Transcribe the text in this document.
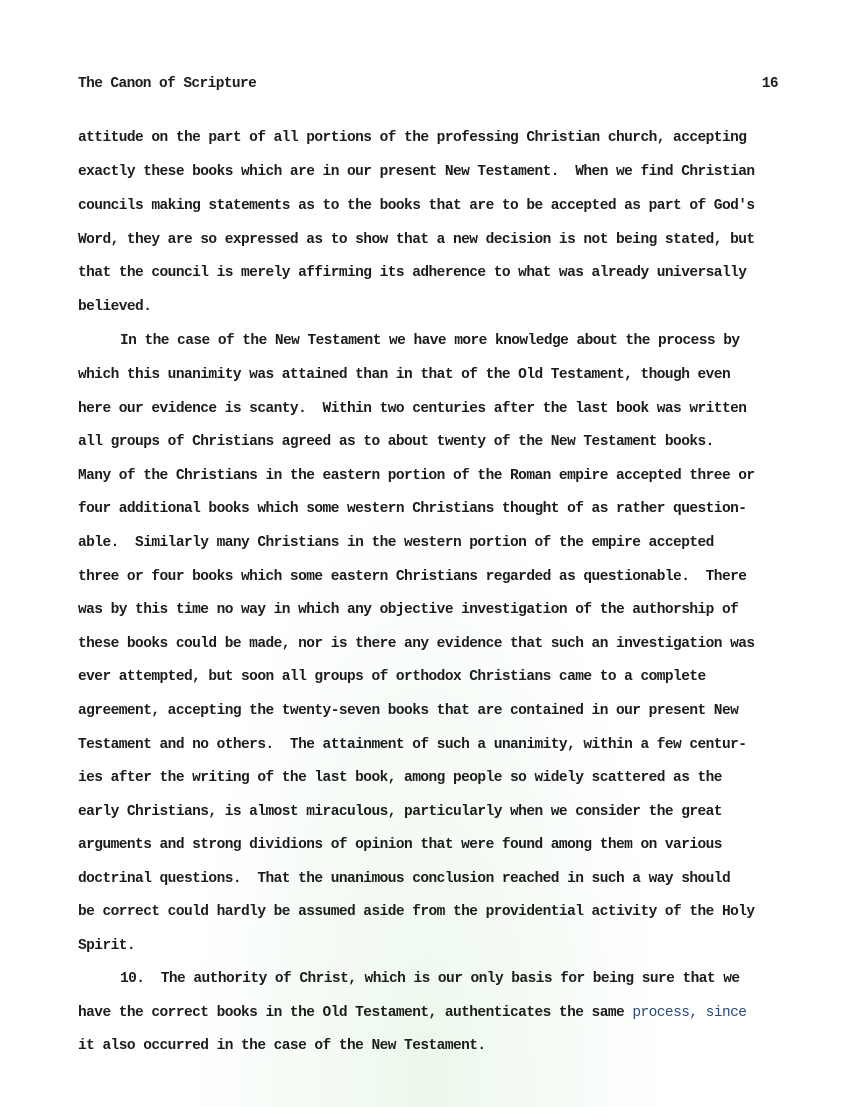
The Canon of Scripture	16
attitude on the part of all portions of the professing Christian church, accepting
exactly these books which are in our present New Testament.  When we find Christian
councils making statements as to the books that are to be accepted as part of God's
Word, they are so expressed as to show that a new decision is not being stated, but
that the council is merely affirming its adherence to what was already universally
believed.
In the case of the New Testament we have more knowledge about the process by
which this unanimity was attained than in that of the Old Testament, though even
here our evidence is scanty.  Within two centuries after the last book was written
all groups of Christians agreed as to about twenty of the New Testament books.
Many of the Christians in the eastern portion of the Roman empire accepted three or
four additional books which some western Christians thought of as rather question-
able.  Similarly many Christians in the western portion of the empire accepted
three or four books which some eastern Christians regarded as questionable.  There
was by this time no way in which any objective investigation of the authorship of
these books could be made, nor is there any evidence that such an investigation was
ever attempted, but soon all groups of orthodox Christians came to a complete
agreement, accepting the twenty-seven books that are contained in our present New
Testament and no others.  The attainment of such a unanimity, within a few centur-
ies after the writing of the last book, among people so widely scattered as the
early Christians, is almost miraculous, particularly when we consider the great
arguments and strong dividions of opinion that were found among them on various
doctrinal questions.  That the unanimous conclusion reached in such a way should
be correct could hardly be assumed aside from the providential activity of the Holy
Spirit.
10.  The authority of Christ, which is our only basis for being sure that we
have the correct books in the Old Testament, authenticates the same process, since
it also occurred in the case of the New Testament.
